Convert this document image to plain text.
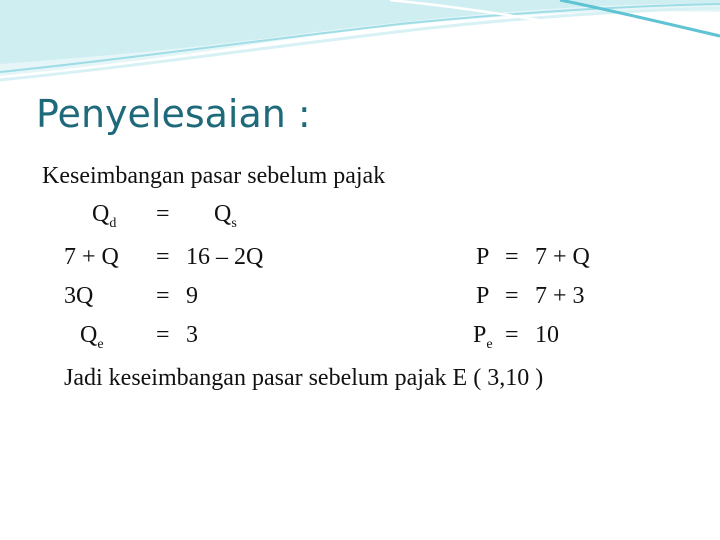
Penyelesaian :
Keseimbangan pasar sebelum pajak
$Q_d = Q_s$
7 + Q = 16 – 2Q
3Q	= 9
$Q_e = 3$
P = 7 + Q
P = 7 + 3
$P_e = 10$
Jadi keseimbangan pasar sebelum pajak E ( 3,10 )
